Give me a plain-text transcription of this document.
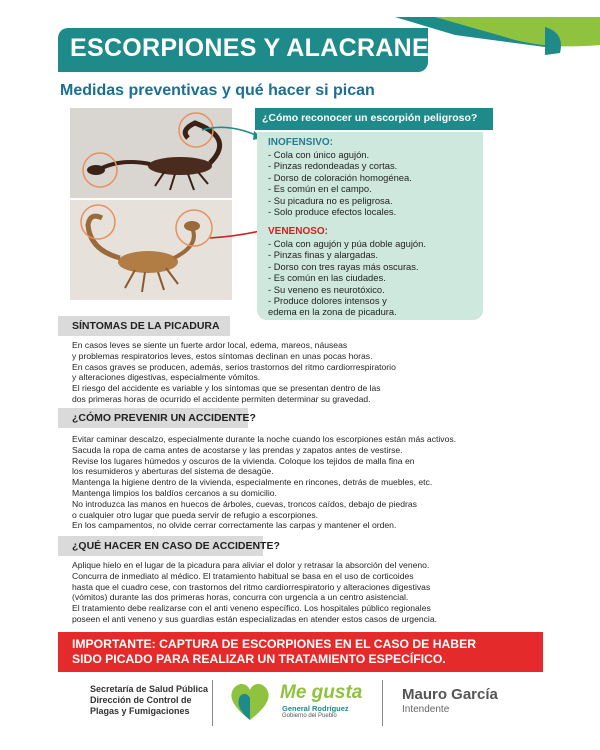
ESCORPIONES Y ALACRANES
Medidas preventivas y qué hacer si pican
¿Cómo reconocer un escorpión peligroso?
INOFENSIVO:
- Cola con único agujón.
- Pinzas redondeadas y cortas.
- Dorso de coloración homogénea.
- Es común en el campo.
- Su picadura no es peligrosa.
- Solo produce efectos locales.
VENENOSO:
- Cola con agujón y púa doble agujón.
- Pinzas finas y alargadas.
- Dorso con tres rayas más oscuras.
- Es común en las ciudades.
- Su veneno es neurotóxico.
- Produce dolores intensos y
edema en la zona de picadura.
SÍNTOMAS DE LA PICADURA
En casos leves se siente un fuerte ardor local, edema, mareos, náuseas
y problemas respiratorios leves, estos síntomas declinan en unas pocas horas.
En casos graves se producen, además, serios trastornos del ritmo cardiorrespiratorio
y alteraciones digestivas, especialmente vómitos.
El riesgo del accidente es variable y los síntomas que se presentan dentro de las
dos primeras horas de ocurrido el accidente permiten determinar su gravedad.
¿CÓMO PREVENIR UN ACCIDENTE?
Evitar caminar descalzo, especialmente durante la noche cuando los escorpiones están más activos.
Sacuda la ropa de cama antes de acostarse y las prendas y zapatos antes de vestirse.
Revise los lugares húmedos y oscuros de la vivienda. Coloque los tejidos de malla fina en
los resumideros y aberturas del sistema de desagüe.
Mantenga la higiene dentro de la vivienda, especialmente en rincones, detrás de muebles, etc.
Mantenga limpios los baldíos cercanos a su domicilio.
No introduzca las manos en huecos de árboles, cuevas, troncos caídos, debajo de piedras
o cualquier otro lugar que pueda servir de refugio a escorpiones.
En los campamentos, no olvide cerrar correctamente las carpas y mantener el orden.
¿QUÉ HACER EN CASO DE ACCIDENTE?
Aplique hielo en el lugar de la picadura para aliviar el dolor y retrasar la absorción del veneno.
Concurra de inmediato al médico. El tratamiento habitual se basa en el uso de corticoides
hasta que el cuadro cese, con trastornos del ritmo cardiorrespiratorio y alteraciones digestivas
(vómitos) durante las dos primeras horas, concurra con urgencia a un centro asistencial.
El tratamiento debe realizarse con el anti veneno específico. Los hospitales público regionales
poseen el anti veneno y sus guardias están especializadas en atender estos casos de urgencia.
IMPORTANTE: CAPTURA DE ESCORPIONES EN EL CASO DE HABER
SIDO PICADO PARA REALIZAR UN TRATAMIENTO ESPECÍFICO.
Secretaría de Salud Pública
Dirección de Control de
Plagas y Fumigaciones
Me gusta
General Rodríguez
Gobierno del Pueblo
Mauro García
Intendente
